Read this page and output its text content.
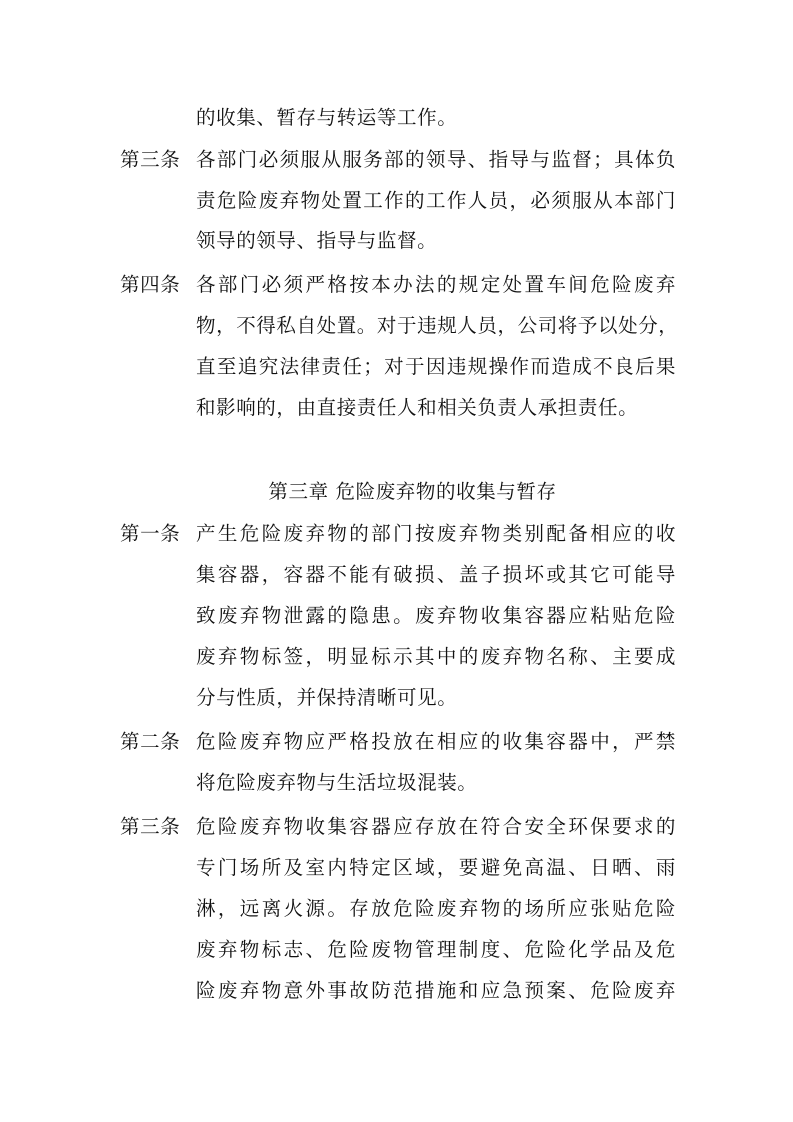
的收集、暂存与转运等工作。
第三条 各部门必须服从服务部的领导、指导与监督；具体负
责危险废弃物处置工作的工作人员，必须服从本部门
领导的领导、指导与监督。
第四条 各部门必须严格按本办法的规定处置车间危险废弃
物，不得私自处置。对于违规人员，公司将予以处分，
直至追究法律责任；对于因违规操作而造成不良后果
和影响的，由直接责任人和相关负责人承担责任。
第三章 危险废弃物的收集与暂存
第一条 产生危险废弃物的部门按废弃物类别配备相应的收
集容器，容器不能有破损、盖子损坏或其它可能导
致废弃物泄露的隐患。废弃物收集容器应粘贴危险
废弃物标签，明显标示其中的废弃物名称、主要成
分与性质，并保持清晰可见。
第二条 危险废弃物应严格投放在相应的收集容器中，严禁
将危险废弃物与生活垃圾混装。
第三条 危险废弃物收集容器应存放在符合安全环保要求的
专门场所及室内特定区域，要避免高温、日晒、雨
淋，远离火源。存放危险废弃物的场所应张贴危险
废弃物标志、危险废物管理制度、危险化学品及危
险废弃物意外事故防范措施和应急预案、危险废弃
